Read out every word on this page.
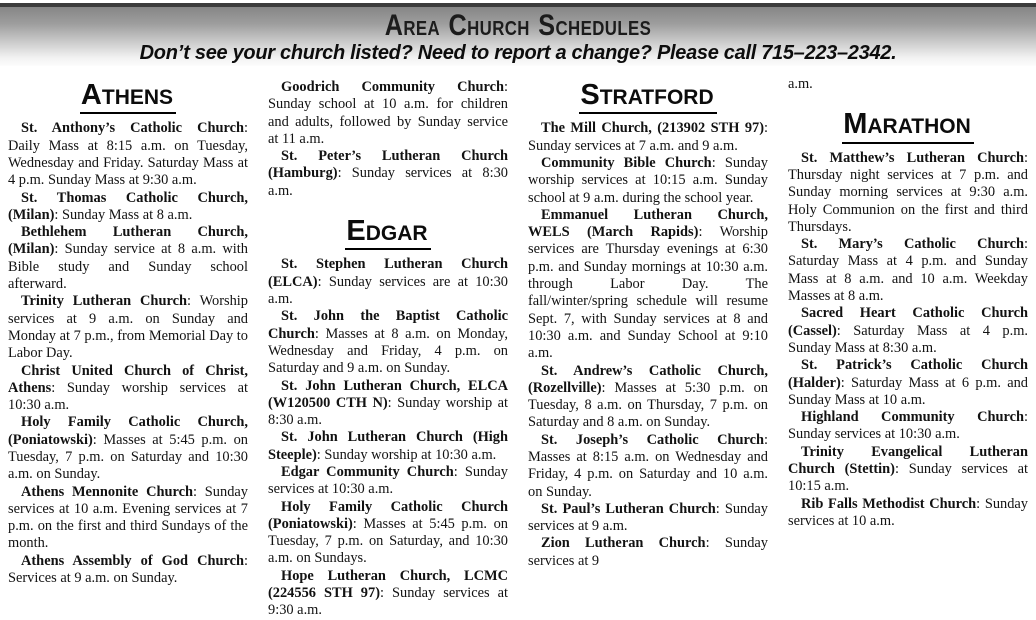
AREA CHURCH SCHEDULES
Don’t see your church listed? Need to report a change? Please call 715–223–2342.
ATHENS

St. Anthony’s Catholic Church: Daily Mass at 8:15 a.m. on Tuesday, Wednesday and Friday. Saturday Mass at 4 p.m. Sunday Mass at 9:30 a.m.

St. Thomas Catholic Church, (Milan): Sunday Mass at 8 a.m.

Bethlehem Lutheran Church, (Milan): Sunday service at 8 a.m. with Bible study and Sunday school afterward.

Trinity Lutheran Church: Worship services at 9 a.m. on Sunday and Monday at 7 p.m., from Memorial Day to Labor Day.

Christ United Church of Christ, Athens: Sunday worship services at 10:30 a.m.

Holy Family Catholic Church, (Poniatowski): Masses at 5:45 p.m. on Tuesday, 7 p.m. on Saturday and 10:30 a.m. on Sunday.

Athens Mennonite Church: Sunday services at 10 a.m. Evening services at 7 p.m. on the first and third Sundays of the month.

Athens Assembly of God Church: Services at 9 a.m. on Sunday.

Goodrich Community Church: Sunday school at 10 a.m. for children and adults, followed by Sunday service at 11 a.m.

St. Peter’s Lutheran Church (Hamburg): Sunday services at 8:30 a.m.

EDGAR

St. Stephen Lutheran Church (ELCA): Sunday services are at 10:30 a.m.

St. John the Baptist Catholic Church: Masses at 8 a.m. on Monday, Wednesday and Friday, 4 p.m. on Saturday and 9 a.m. on Sunday.

St. John Lutheran Church, ELCA (W120500 CTH N): Sunday worship at 8:30 a.m.

St. John Lutheran Church (High Steeple): Sunday worship at 10:30 a.m.

Edgar Community Church: Sunday services at 10:30 a.m.

Holy Family Catholic Church (Poniatowski): Masses at 5:45 p.m. on Tuesday, 7 p.m. on Saturday, and 10:30 a.m. on Sundays.

Hope Lutheran Church, LCMC (224556 STH 97): Sunday services at 9:30 a.m.

STRATFORD

The Mill Church, (213902 STH 97): Sunday services at 7 a.m. and 9 a.m.

Community Bible Church: Sunday worship services at 10:15 a.m. Sunday school at 9 a.m. during the school year.

Emmanuel Lutheran Church, WELS (March Rapids): Worship services are Thursday evenings at 6:30 p.m. and Sunday mornings at 10:30 a.m. through Labor Day. The fall/winter/spring schedule will resume Sept. 7, with Sunday services at 8 and 10:30 a.m. and Sunday School at 9:10 a.m.

St. Andrew’s Catholic Church, (Rozellville): Masses at 5:30 p.m. on Tuesday, 8 a.m. on Thursday, 7 p.m. on Saturday and 8 a.m. on Sunday.

St. Joseph’s Catholic Church: Masses at 8:15 a.m. on Wednesday and Friday, 4 p.m. on Saturday and 10 a.m. on Sunday.

St. Paul’s Lutheran Church: Sunday services at 9 a.m.

Zion Lutheran Church: Sunday services at 9

a.m.

MARATHON

St. Matthew’s Lutheran Church: Thursday night services at 7 p.m. and Sunday morning services at 9:30 a.m. Holy Communion on the first and third Thursdays.

St. Mary’s Catholic Church: Saturday Mass at 4 p.m. and Sunday Mass at 8 a.m. and 10 a.m. Weekday Masses at 8 a.m.

Sacred Heart Catholic Church (Cassel): Saturday Mass at 4 p.m. Sunday Mass at 8:30 a.m.

St. Patrick’s Catholic Church (Halder): Saturday Mass at 6 p.m. and Sunday Mass at 10 a.m.

Highland Community Church: Sunday services at 10:30 a.m.

Trinity Evangelical Lutheran Church (Stettin): Sunday services at 10:15 a.m.

Rib Falls Methodist Church: Sunday services at 10 a.m.
